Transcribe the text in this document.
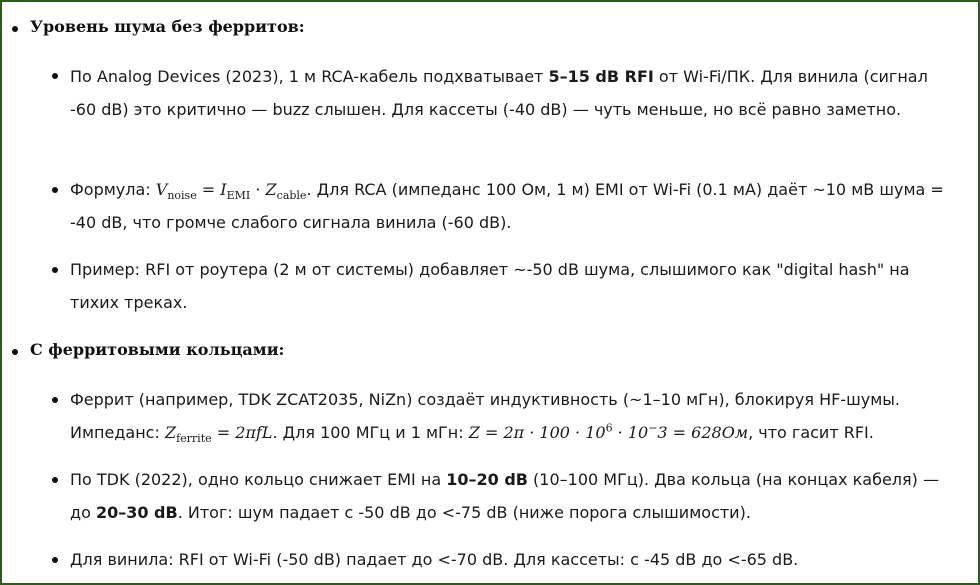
Уровень шума без ферритов:
По Analog Devices (2023), 1 м RCA-кабель подхватывает 5–15 dB RFI от Wi-Fi/ПК. Для винила (сигнал -60 dB) это критично — buzz слышен. Для кассеты (-40 dB) — чуть меньше, но всё равно заметно.
Формула: $V_{noise} = I_{EMI} \cdot Z_{cable}$. Для RCA (импеданс 100 Ом, 1 м) EMI от Wi-Fi (0.1 мА) даёт ~10 мВ шума = -40 dB, что громче слабого сигнала винила (-60 dB).
Пример: RFI от роутера (2 м от системы) добавляет ~-50 dB шума, слышимого как "digital hash" на тихих треках.
С ферритовыми кольцами:
Феррит (например, TDK ZCAT2035, NiZn) создаёт индуктивность (~1–10 мГн), блокируя HF-шумы. Импеданс: $Z_{ferrite} = 2\pi fL$. Для 100 МГц и 1 мГн: $Z = 2\pi \cdot 100 \cdot 10^6 \cdot 10^-3 = 628Ом$, что гасит RFI.
По TDK (2022), одно кольцо снижает EMI на 10–20 dB (10–100 МГц). Два кольца (на концах кабеля) — до 20–30 dB. Итог: шум падает с -50 dB до <-75 dB (ниже порога слышимости).
Для винила: RFI от Wi-Fi (-50 dB) падает до <-70 dB. Для кассеты: с -45 dB до <-65 dB.
